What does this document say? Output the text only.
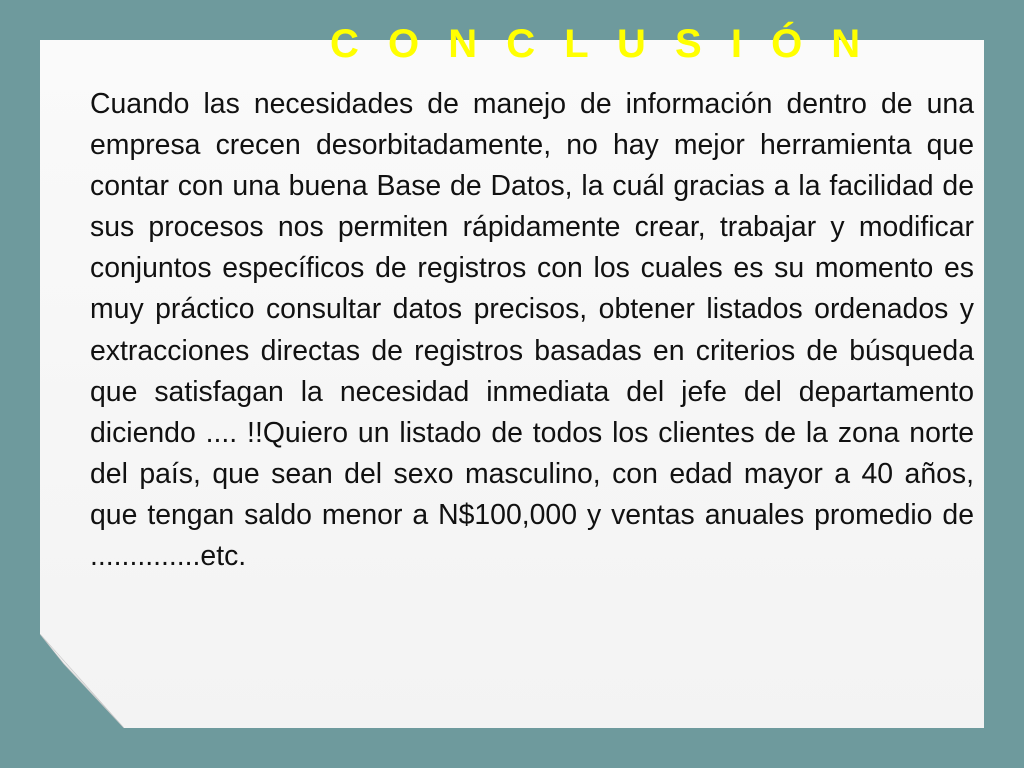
C O N C L U S I Ó N

Cuando las necesidades de manejo de información dentro de una empresa crecen desorbitadamente, no hay mejor herramienta que contar con una buena Base de Datos, la cuál gracias a la facilidad de sus procesos nos permiten rápidamente crear, trabajar y modificar conjuntos específicos de registros con los cuales es su momento es muy práctico consultar datos precisos, obtener listados ordenados y extracciones directas de registros basadas en criterios de búsqueda que satisfagan la necesidad inmediata del jefe del departamento diciendo .... !!Quiero un listado de todos los clientes de la zona norte del país, que sean del sexo masculino, con edad mayor a 40 años, que tengan saldo menor a N$100,000 y ventas anuales promedio de ..............etc.
